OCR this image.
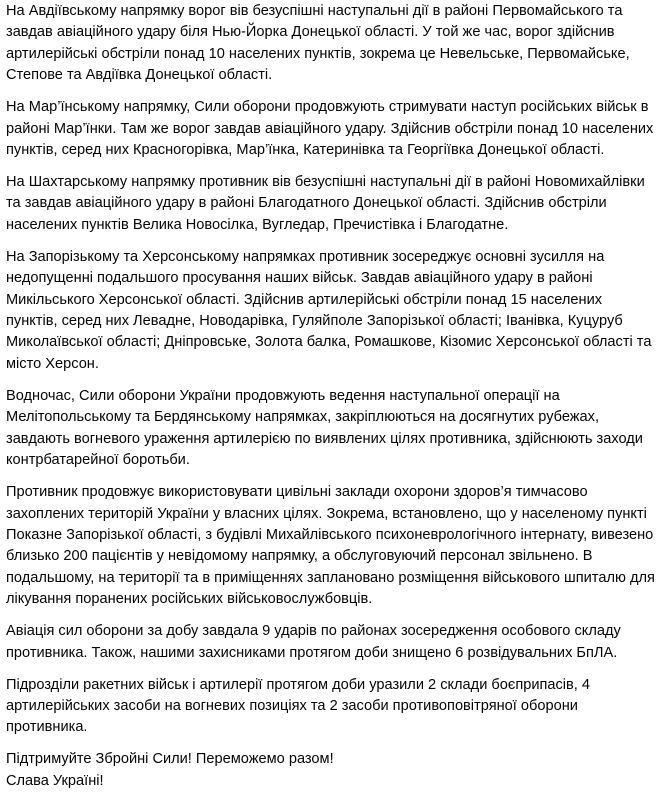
На Авдіївському напрямку ворог вів безуспішні наступальні дії в районі Первомайського та завдав авіаційного удару біля Нью-Йорка Донецької області. У той же час, ворог здійснив артилерійські обстріли понад 10 населених пунктів, зокрема це Невельське, Первомайське, Степове та Авдіївка Донецької області.

На Мар’їнському напрямку, Сили оборони продовжують стримувати наступ російських військ в районі Мар’їнки. Там же ворог завдав авіаційного удару. Здійснив обстріли понад 10 населених пунктів, серед них Красногорівка, Мар’їнка, Катеринівка та Георгіївка Донецької області.

На Шахтарському напрямку противник вів безуспішні наступальні дії в районі Новомихайлівки та завдав авіаційного удару в районі Благодатного Донецької області. Здійснив обстріли населених пунктів Велика Новосілка, Вугледар, Пречистівка і Благодатне.

На Запорізькому та Херсонському напрямках противник зосереджує основні зусилля на недопущенні подальшого просування наших військ. Завдав авіаційного удару в районі Микільського Херсонської області. Здійснив артилерійські обстріли понад 15 населених пунктів, серед них Левадне, Новодарівка, Гуляйполе Запорізької області; Іванівка, Куцуруб Миколаївської області; Дніпровське, Золота балка, Ромашкове, Кізомис Херсонської області та місто Херсон.

Водночас, Сили оборони України продовжують ведення наступальної операції на Мелітопольському та Бердянському напрямках, закріплюються на досягнутих рубежах, завдають вогневого ураження артилерією по виявлених цілях противника, здійснюють заходи контрбатарейної боротьби.

Противник продовжує використовувати цивільні заклади охорони здоров’я тимчасово захоплених територій України у власних цілях. Зокрема, встановлено, що у населеному пункті Показне Запорізької області, з будівлі Михайлівського психоневрологічного інтернату, вивезено близько 200 пацієнтів у невідомому напрямку, а обслуговуючий персонал звільнено. В подальшому, на території та в приміщеннях заплановано розміщення військового шпиталю для лікування поранених російських військовослужбовців.

Авіація сил оборони за добу завдала 9 ударів по районах зосередження особового складу противника. Також, нашими захисниками протягом доби знищено 6 розвідувальних БпЛА.

Підрозділи ракетних військ і артилерії протягом доби уразили 2 склади боєприпасів, 4 артилерійських засоби на вогневих позиціях та 2 засоби противоповітряної оборони противника.

Підтримуйте Збройні Сили! Переможемо разом!
Слава Україні!
